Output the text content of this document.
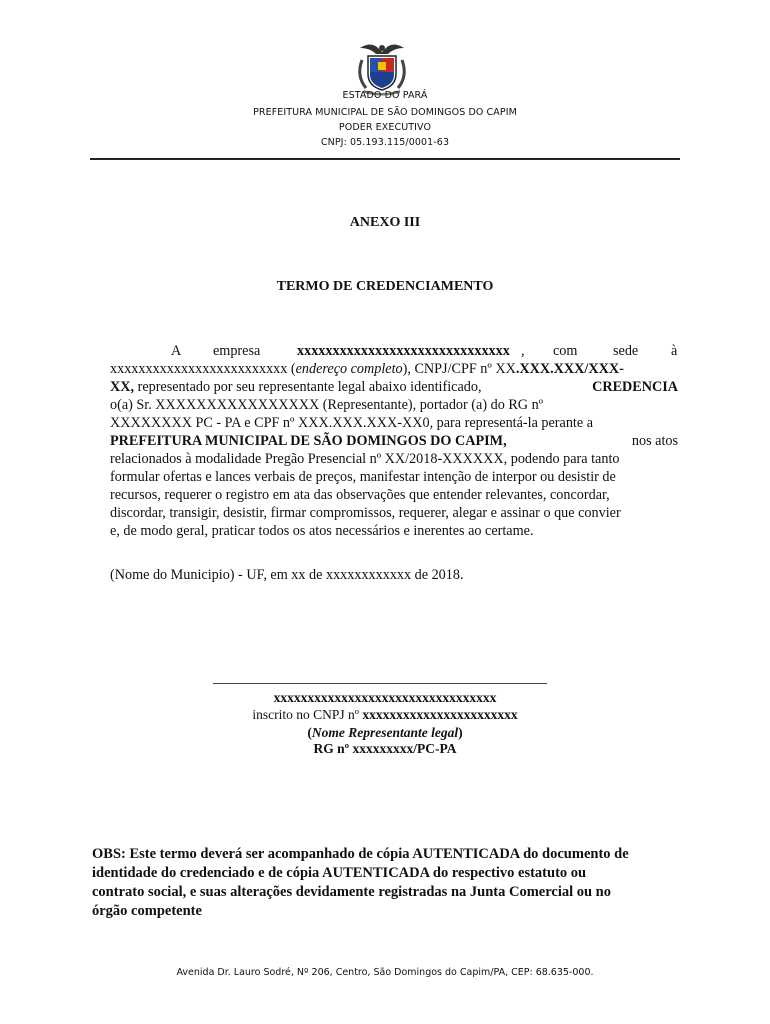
ESTADO DO PARÁ
PREFEITURA MUNICIPAL DE SÃO DOMINGOS DO CAPIM
PODER EXECUTIVO
CNPJ: 05.193.115/0001-63
ANEXO III
TERMO DE CREDENCIAMENTO
A empresa	xxxxxxxxxxxxxxxxxxxxxxxxxxxxxx , com	sede à
xxxxxxxxxxxxxxxxxxxxxxxxx (endereço completo), CNPJ/CPF nº XX.XXX.XXX/XXX-
XX, representado por seu representante legal abaixo identificado,	CREDENCIA
o(a) Sr. XXXXXXXXXXXXXXXX (Representante), portador (a) do RG nº
XXXXXXXX PC - PA e CPF nº XXX.XXX.XXX-XX0, para representá-la perante a
PREFEITURA MUNICIPAL DE SÃO DOMINGOS DO CAPIM,	nos atos
relacionados à modalidade Pregão Presencial nº XX/2018-XXXXXX, podendo para tanto
formular ofertas e lances verbais de preços, manifestar intenção de interpor ou desistir de
recursos, requerer o registro em ata das observações que entender relevantes, concordar,
discordar, transigir, desistir, firmar compromissos, requerer, alegar e assinar o que convier
e, de modo geral, praticar todos os atos necessários e inerentes ao certame.
(Nome do Municipio) - UF, em xx de xxxxxxxxxxxx de 2018.
xxxxxxxxxxxxxxxxxxxxxxxxxxxxxxxxx
inscrito no CNPJ nº xxxxxxxxxxxxxxxxxxxxxxx
(Nome Representante legal)
RG nº xxxxxxxxx/PC-PA
OBS: Este termo deverá ser acompanhado de cópia AUTENTICADA do documento de
identidade do credenciado e de cópia AUTENTICADA do respectivo estatuto ou
contrato social, e suas alterações devidamente registradas na Junta Comercial ou no
órgão competente
Avenida Dr. Lauro Sodré, Nº 206, Centro, São Domingos do Capim/PA, CEP: 68.635-000.
